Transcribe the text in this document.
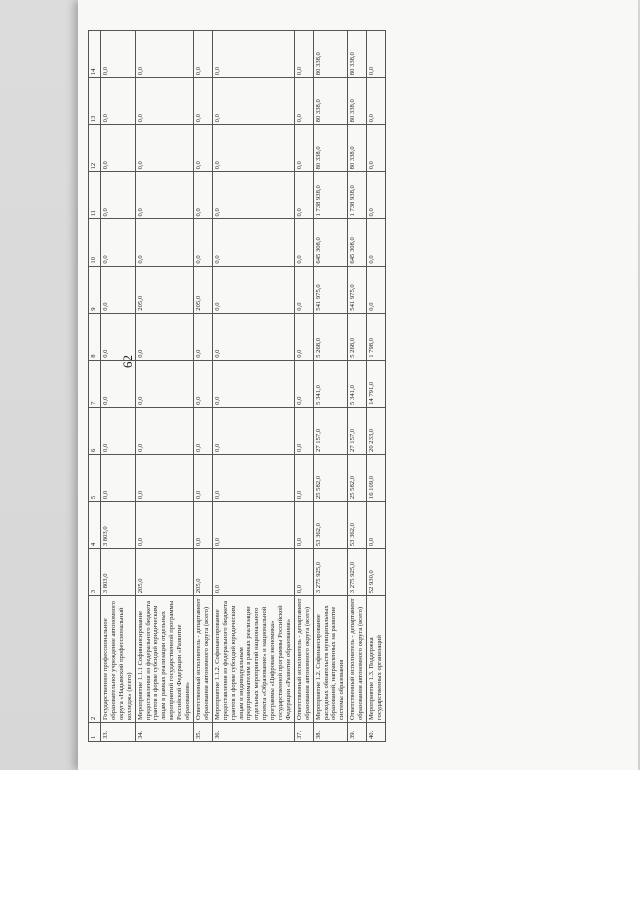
62
1	2	3	4	5	6	7	8	9	10	11	12	13	14
33.	Государственное профессиональное образовательное учреждение автономного округа «Надымский профессиональный колледж» (всего)	3 803,0	3 803,0	0,0	0,0	0,0	0,0	0,0	0,0	0,0	0,0	0,0	0,0
34.	Мероприятие 1.1.1 Софинансирование предоставления из федерального бюджета грантов в форме субсидий юридическим лицам в рамках реализации отдельных мероприятий государственной программы Российской Федерации «Развитие образования»	205,0	0,0	0,0	0,0	0,0	0,0	205,0	0,0	0,0	0,0	0,0	0,0
35.	Ответственный исполнитель - департамент образования автономного округа (всего)	205,0	0,0	0,0	0,0	0,0	0,0	205,0	0,0	0,0	0,0	0,0	0,0
36.	Мероприятие 1.1.2. Софинансирование предоставления из федерального бюджета грантов в форме субсидий юридическим лицам и индивидуальным предпринимателям в рамках реализации отдельных мероприятий национального проекта «Образование» и национальной программы «Цифровая экономика» государственной программы Российской Федерации «Развитие образования»	0,0	0,0	0,0	0,0	0,0	0,0	0,0	0,0	0,0	0,0	0,0	0,0
37.	Ответственный исполнитель - департамент образования автономного округа (всего)	0,0	0,0	0,0	0,0	0,0	0,0	0,0	0,0	0,0	0,0	0,0	0,0
38.	Мероприятие 1.2. Софинансирование расходных обязательств муниципальных образований, направленных на развитие системы образования	3 275 925,0	53 362,0	25 582,0	27 157,0	5 341,0	5 268,0	541 975,0	645 308,0	1 738 938,0	80 338,0	80 338,0	80 338,0
39.	Ответственный исполнитель - департамент образования автономного округа (всего)	3 275 925,0	53 362,0	25 582,0	27 157,0	5 341,0	5 268,0	541 975,0	645 308,0	1 738 938,0	80 338,0	80 338,0	80 338,0
40.	Мероприятие 1.3. Поддержка государственных организаций	52 930,0	0,0	16 109,0	20 233,0	14 791,0	1 798,0	0,0	0,0	0,0	0,0	0,0	0,0
